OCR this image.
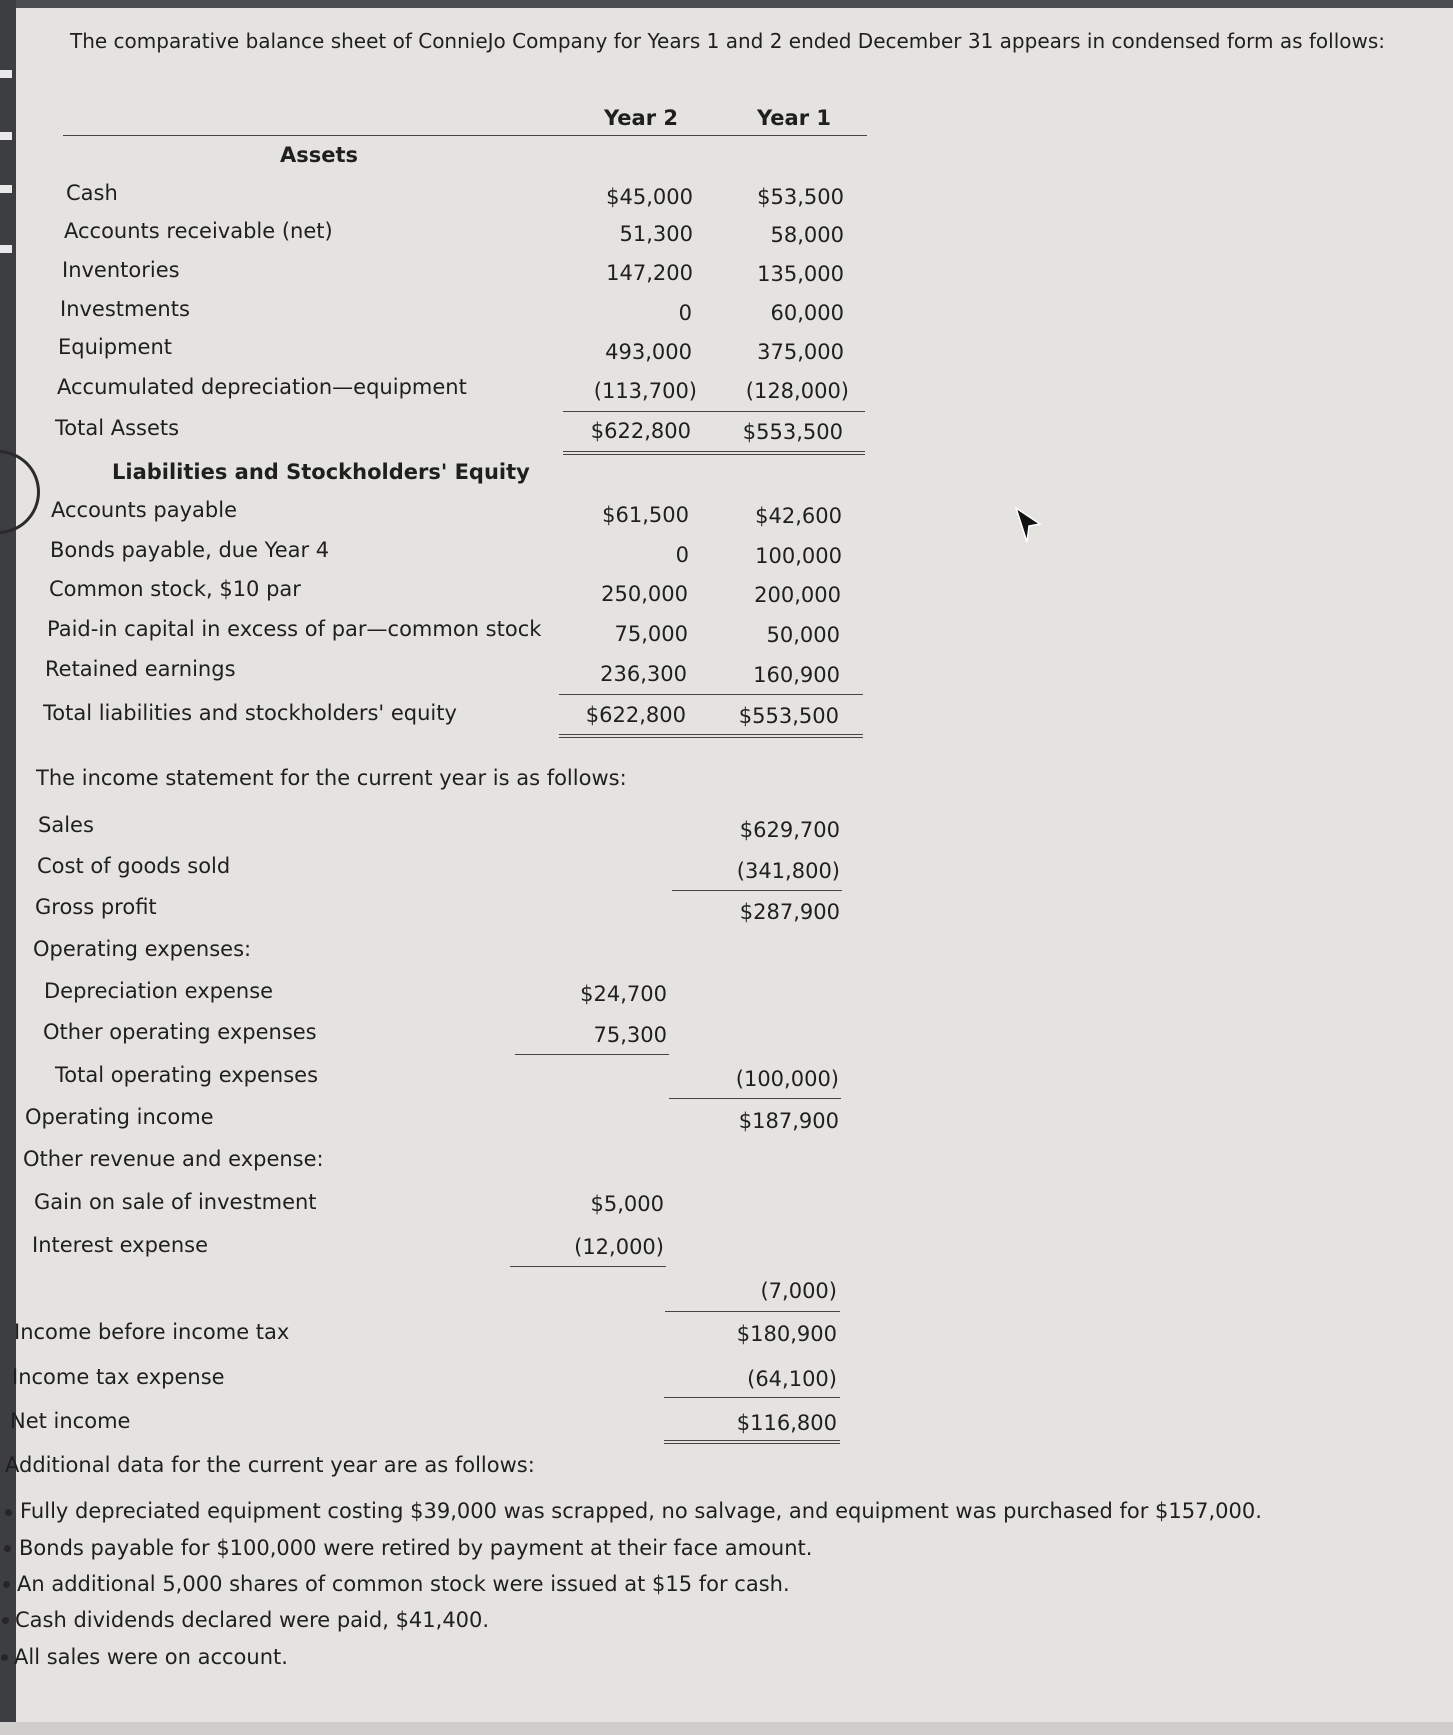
The comparative balance sheet of ConnieJo Company for Years 1 and 2 ended December 31 appears in condensed form as follows:
Year 2	Year 1
Assets
Cash	$45,000	$53,500
Accounts receivable (net)	51,300	58,000
Inventories	147,200	135,000
Investments	0	60,000
Equipment	493,000	375,000
Accumulated depreciation—equipment	(113,700) (128,000)
Total Assets	$622,800 $553,500
Liabilities and Stockholders' Equity
Accounts payable	$61,500	$42,600
Bonds payable, due Year 4	0	100,000
Common stock, $10 par	250,000	200,000
Paid-in capital in excess of par—common stock	75,000	50,000
Retained earnings	236,300	160,900
Total liabilities and stockholders' equity	$622,800	$553,500
The income statement for the current year is as follows:
Sales	$629,700
Cost of goods sold	(341,800)
Gross profit	$287,900
Operating expenses:
Depreciation expense	$24,700
Other operating expenses	75,300
Total operating expenses	(100,000)
Operating income	$187,900
Other revenue and expense:
Gain on sale of investment	$5,000
Interest expense	(12,000)
(7,000)
Income before income tax	$180,900
Income tax expense	(64,100)
Net income	$116,800
Additional data for the current year are as follows:
Fully depreciated equipment costing $39,000 was scrapped, no salvage, and equipment was purchased for $157,000.
Bonds payable for $100,000 were retired by payment at their face amount.
An additional 5,000 shares of common stock were issued at $15 for cash.
Cash dividends declared were paid, $41,400.
All sales were on account.
